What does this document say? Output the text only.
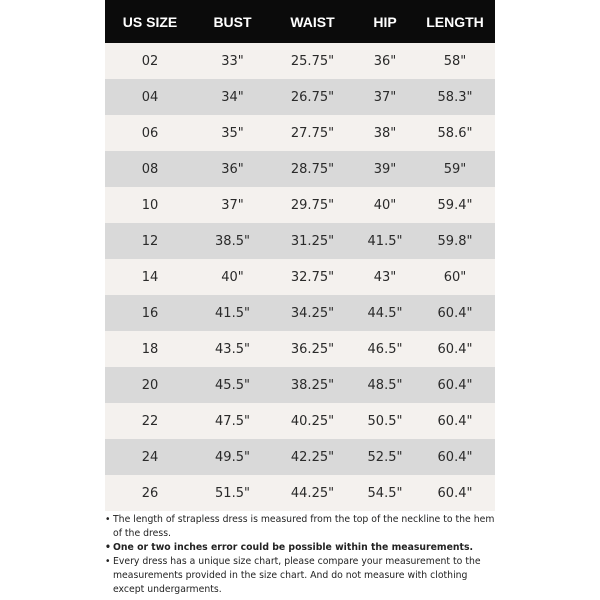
US SIZE	BUST	WAIST	HIP	LENGTH
02	33"	25.75"	36"	58"
04	34"	26.75"	37"	58.3"
06	35"	27.75"	38"	58.6"
08	36"	28.75"	39"	59"
10	37"	29.75"	40"	59.4"
12	38.5"	31.25"	41.5"	59.8"
14	40"	32.75"	43"	60"
16	41.5"	34.25"	44.5"	60.4"
18	43.5"	36.25"	46.5"	60.4"
20	45.5"	38.25"	48.5"	60.4"
22	47.5"	40.25"	50.5"	60.4"
24	49.5"	42.25"	52.5"	60.4"
26	51.5"	44.25"	54.5"	60.4"
• The length of strapless dress is measured from the top of the neckline to the hem of the dress.
• One or two inches error could be possible within the measurements.
• Every dress has a unique size chart, please compare your measurement to the measurements provided in the size chart. And do not measure with clothing except undergarments.
